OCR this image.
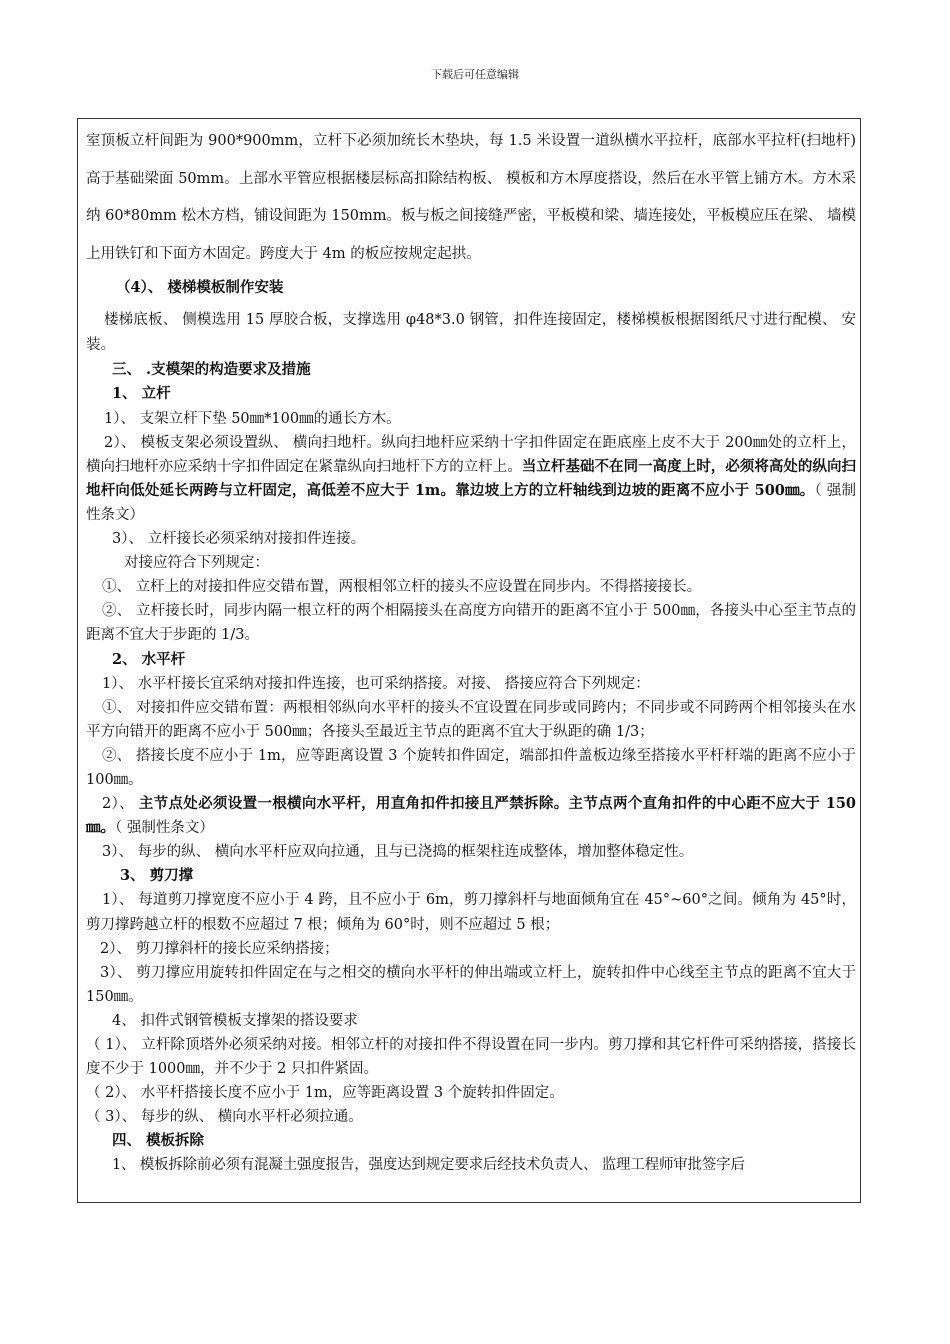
下载后可任意编辑

室顶板立杆间距为 900*900mm，立杆下必须加统长木垫块，每 1.5 米设置一道纵横水平拉杆，底部水平拉杆(扫地杆)高于基础梁面 50mm。上部水平管应根据楼层标高扣除结构板、 模板和方木厚度搭设，然后在水平管上铺方木。方木采纳 60*80mm 松木方档，铺设间距为 150mm。板与板之间接缝严密，平板模和梁、墙连接处，平板模应压在梁、 墙模上用铁钉和下面方木固定。跨度大于 4m 的板应按规定起拱。

（4）、 楼梯模板制作安装

楼梯底板、 侧模选用 15 厚胶合板，支撑选用 φ48*3.0 钢管，扣件连接固定，楼梯模板根据图纸尺寸进行配模、 安装。

三、 .支模架的构造要求及措施

1、 立杆

1）、 支架立杆下垫 50㎜*100㎜的通长方木。

2）、 模板支架必须设置纵、 横向扫地杆。纵向扫地杆应采纳十字扣件固定在距底座上皮不大于 200㎜处的立杆上，横向扫地杆亦应采纳十字扣件固定在紧靠纵向扫地杆下方的立杆上。当立杆基础不在同一高度上时，必须将高处的纵向扫地杆向低处延长两跨与立杆固定，高低差不应大于 1m。靠边坡上方的立杆轴线到边坡的距离不应小于 500㎜。（ 强制性条文）

3）、 立杆接长必须采纳对接扣件连接。

对接应符合下列规定：

①、 立杆上的对接扣件应交错布置，两根相邻立杆的接头不应设置在同步内。不得搭接接长。

②、 立杆接长时，同步内隔一根立杆的两个相隔接头在高度方向错开的距离不宜小于 500㎜，各接头中心至主节点的距离不宜大于步距的 1/3。

2、 水平杆

1）、 水平杆接长宜采纳对接扣件连接，也可采纳搭接。对接、 搭接应符合下列规定：

①、 对接扣件应交错布置：两根相邻纵向水平杆的接头不宜设置在同步或同跨内；不同步或不同跨两个相邻接头在水平方向错开的距离不应小于 500㎜；各接头至最近主节点的距离不宜大于纵距的确 1/3；

②、 搭接长度不应小于 1m，应等距离设置 3 个旋转扣件固定，端部扣件盖板边缘至搭接水平杆杆端的距离不应小于 100㎜。

2）、 主节点处必须设置一根横向水平杆，用直角扣件扣接且严禁拆除。主节点两个直角扣件的中心距不应大于 150㎜。（ 强制性条文）

3）、 每步的纵、 横向水平杆应双向拉通，且与已浇捣的框架柱连成整体，增加整体稳定性。

3、 剪刀撑

1）、 每道剪刀撑宽度不应小于 4 跨，且不应小于 6m，剪刀撑斜杆与地面倾角宜在 45°~60°之间。倾角为 45°时，剪刀撑跨越立杆的根数不应超过 7 根；倾角为 60°时，则不应超过 5 根；

2）、 剪刀撑斜杆的接长应采纳搭接；

3）、 剪刀撑应用旋转扣件固定在与之相交的横向水平杆的伸出端或立杆上，旋转扣件中心线至主节点的距离不宜大于 150㎜。

4、 扣件式钢管模板支撑架的搭设要求

（ 1）、 立杆除顶塔外必须采纳对接。相邻立杆的对接扣件不得设置在同一步内。剪刀撑和其它杆件可采纳搭接，搭接长度不少于 1000㎜，并不少于 2 只扣件紧固。

（ 2）、 水平杆搭接长度不应小于 1m，应等距离设置 3 个旋转扣件固定。

（ 3）、 每步的纵、 横向水平杆必须拉通。

四、 模板拆除

1、 模板拆除前必须有混凝土强度报告，强度达到规定要求后经技术负责人、 监理工程师审批签字后
